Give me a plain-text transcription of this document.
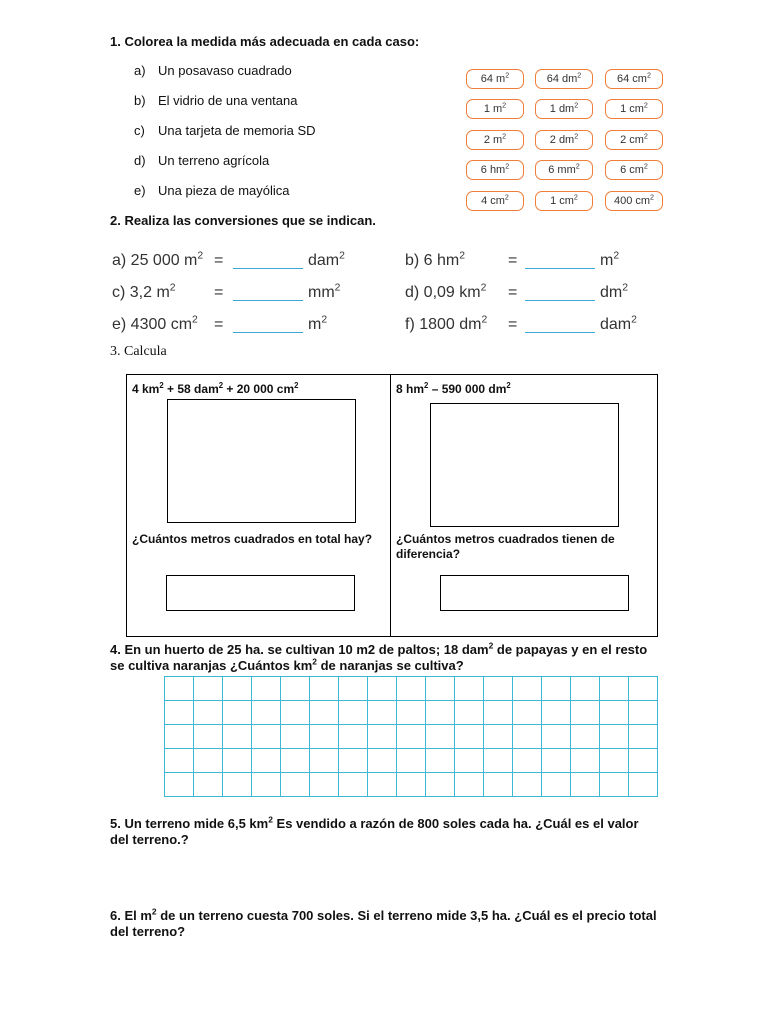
1. Colorea la medida más adecuada en cada caso:
a) Un posavaso cuadrado
b) El vidrio de una ventana
c) Una tarjeta de memoria SD
d) Un terreno agrícola
e) Una pieza de mayólica
64 $m^2$	64 $dm^2$	64 $cm^2$
1 $m^2$	1 $dm^2$	1 $cm^2$
2 $m^2$	2 $dm^2$	2 $cm^2$
6 $hm^2$	6 $mm^2$	6 $cm^2$
4 $cm^2$	1 $cm^2$	400 $cm^2$
2. Realiza las conversiones que se indican.
a) 25 000 $m^2$ =	dam$^2$	b) 6 $hm^2$	=	$m^2$
c) 3,2 $m^2$ =	$mm^2$	d) 0,09 $km^2$ =	$dm^2$
e) 4300 $cm^2$ =	$m^2$	f) 1800 $dm^2$ =	dam$^2$
3. Calcula
4 $km^2 + 58$ dam$^2$ + 20 000 $cm^2$
¿Cuántos metros cuadrados en total hay?
8 $hm^2 - 590$ 000 $dm^2$
¿Cuántos metros cuadrados tienen de diferencia?
4. En un huerto de 25 ha. se cultivan 10 m2 de paltos; 18 dam$^2$ de papayas y en el resto se cultiva naranjas ¿Cuántos $km^2$ de naranjas se cultiva?
5. Un terreno mide 6,5 $km^2$ Es vendido a razón de 800 soles cada ha. ¿Cuál es el valor del terreno.?
6. El $m^2$ de un terreno cuesta 700 soles. Si el terreno mide 3,5 ha. ¿Cuál es el precio total del terreno?
